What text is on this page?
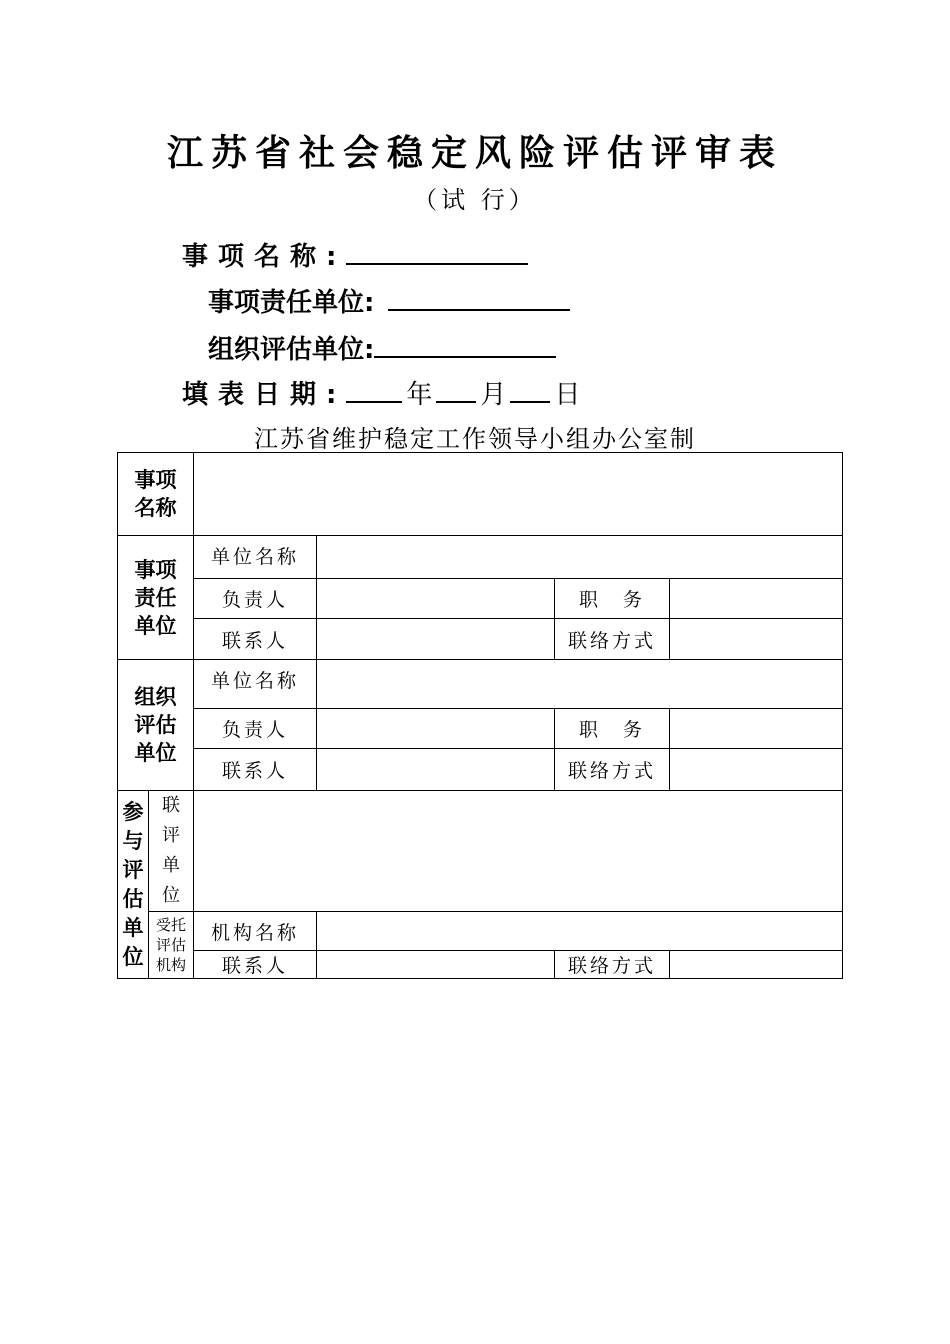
江苏省社会稳定风险评估评审表
（试 行）
事项名称:
事项责任单位:
组织评估单位:
填表日期: 年 月 日
江苏省维护稳定工作领导小组办公室制
事项名称					

事项责任单位		单位名称			
		负责人		职　务	
		联系人		联络方式	

组织评估单位		单位名称			
		负责人		职　务	
		联系人		联络方式	

参与评估单位	联评单位				

	受托评估机构	机构名称			
		联系人		联络方式	
